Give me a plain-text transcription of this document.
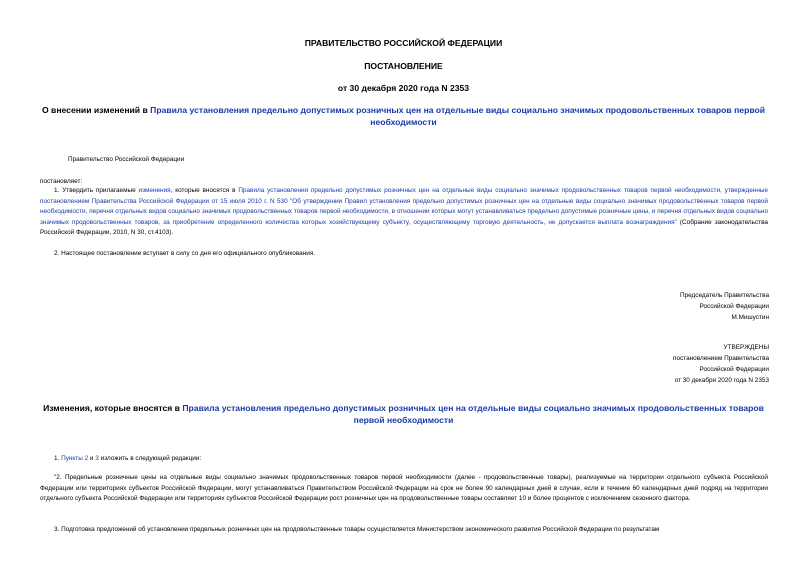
ПРАВИТЕЛЬСТВО РОССИЙСКОЙ ФЕДЕРАЦИИ
ПОСТАНОВЛЕНИЕ
от 30 декабря 2020 года N 2353
О внесении изменений в Правила установления предельно допустимых розничных цен на отдельные виды социально значимых продовольственных товаров первой необходимости
Правительство Российской Федерации
постановляет:
1. Утвердить прилагаемые изменения, которые вносятся в Правила установления предельно допустимых розничных цен на отдельные виды социально значимых продовольственных товаров первой необходимости, утвержденные постановлением Правительства Российской Федерации от 15 июля 2010 г. N 530 "Об утверждении Правил установления предельно допустимых розничных цен на отдельные виды социально значимых продовольственных товаров первой необходимости, перечня отдельных видов социально значимых продовольственных товаров первой необходимости, в отношении которых могут устанавливаться предельно допустимые розничные цены, и перечня отдельных видов социально значимых продовольственных товаров, за приобретение определенного количества которых хозяйствующему субъекту, осуществляющему торговую деятельность, не допускается выплата вознаграждения" (Собрание законодательства Российской Федерации, 2010, N 30, ст.4103).
2. Настоящее постановление вступает в силу со дня его официального опубликования.
Председатель Правительства
Российской Федерации
М.Мишустин
УТВЕРЖДЕНЫ
постановлением Правительства
Российской Федерации
от 30 декабря 2020 года N 2353
Изменения, которые вносятся в Правила установления предельно допустимых розничных цен на отдельные виды социально значимых продовольственных товаров первой необходимости
1. Пункты 2 и 3 изложить в следующей редакции:
"2. Предельные розничные цены на отдельные виды социально значимых продовольственных товаров первой необходимости (далее - продовольственные товары), реализуемые на территории отдельного субъекта Российской Федерации или территориях субъектов Российской Федерации, могут устанавливаться Правительством Российской Федерации на срок не более 90 календарных дней в случае, если в течение 60 календарных дней подряд на территории отдельного субъекта Российской Федерации или территориях субъектов Российской Федерации рост розничных цен на продовольственные товары составляет 10 и более процентов с исключением сезонного фактора.
3. Подготовка предложений об установлении предельных розничных цен на продовольственные товары осуществляется Министерством экономического развития Российской Федерации по результатам
